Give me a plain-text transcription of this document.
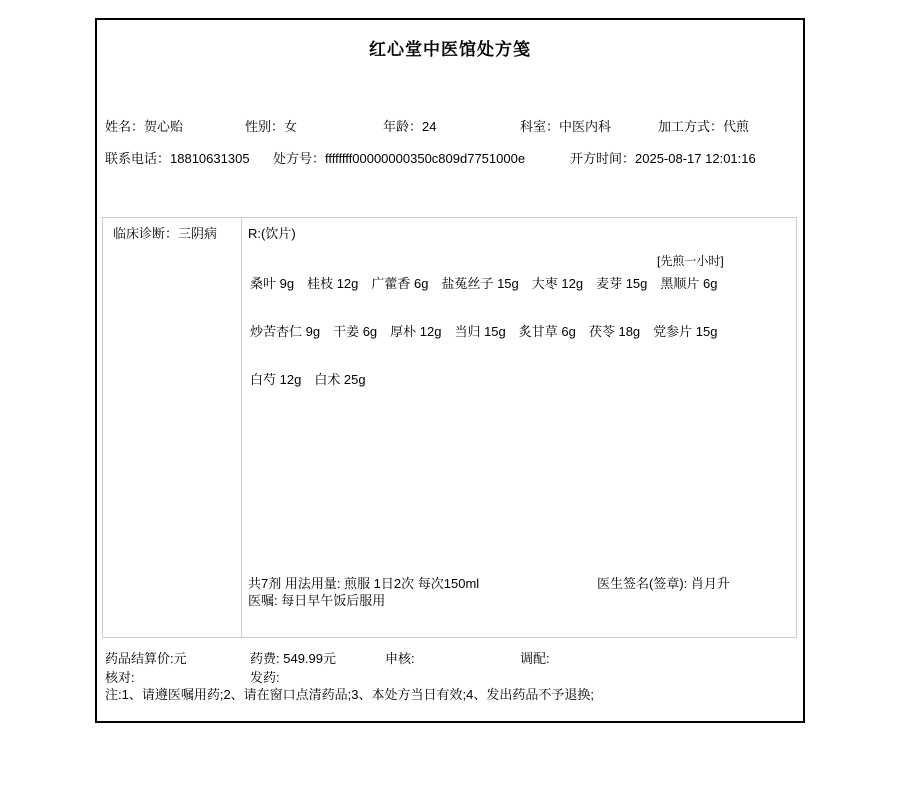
红心堂中医馆处方笺
姓名：贺心贻	性别：女	年龄：24	科室：中医内科	加工方式：代煎
联系电话：18810631305 处方号：ffffffff00000000350c809d7751000e	开方时间：2025-08-17 12:01:16
临床诊断：三阴病 R:(饮片)
[先煎一小时]
桑叶 9g 桂枝 12g 广藿香 6g 盐菟丝子 15g 大枣 12g 麦芽 15g 黑顺片 6g
炒苦杏仁 9g 干姜 6g 厚朴 12g 当归 15g 炙甘草 6g 茯苓 18g 党参片 15g
白芍 12g 白术 25g
共7剂 用法用量: 煎服 1日2次 每次150ml
医嘱: 每日早午饭后服用
医生签名(签章): 肖月升
药品结算价:元	药费: 549.99元	申核:	调配:
核对:	发药:
注:1、请遵医嘱用药;2、请在窗口点清药品;3、本处方当日有效;4、发出药品不予退换;
